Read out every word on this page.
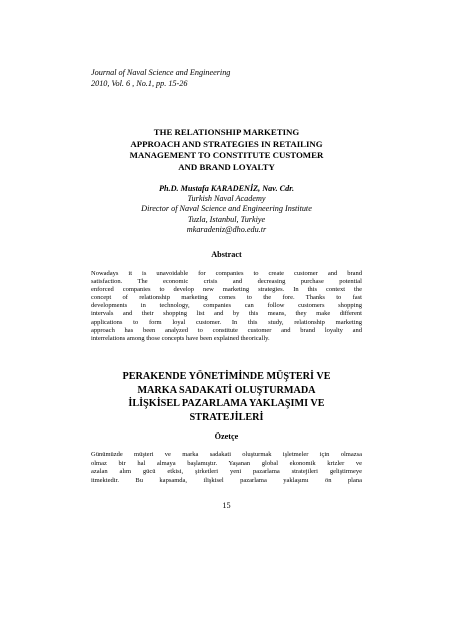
Journal of Naval Science and Engineering
2010, Vol. 6 , No.1, pp. 15-26
THE RELATIONSHIP MARKETING
APPROACH AND STRATEGIES IN RETAILING
MANAGEMENT TO CONSTITUTE CUSTOMER
AND BRAND LOYALTY
Ph.D. Mustafa KARADENİZ, Nav. Cdr.
Turkish Naval Academy
Director of Naval Science and Engineering Institute
Tuzla, Istanbul, Turkiye
mkaradeniz@dho.edu.tr
Abstract
Nowadays it is unavoidable for companies to create customer and brand
satisfaction. The economic crisis and decreasing purchase potential
enforced companies to develop new marketing strategies. In this context the
concept of relationship marketing comes to the fore. Thanks to fast
developments in technology, companies can follow customers shopping
intervals and their shopping list and by this means, they make different
applications to form loyal customer. In this study, relationship marketing
approach has been analyzed to constitute customer and brand loyalty and
interrelations among those concepts have been explained theorically.
PERAKENDE YÖNETİMİNDE MÜŞTERİ VE
MARKA SADAKATİ OLUŞTURMADA
İLİŞKİSEL PAZARLAMA YAKLAŞIMI VE
STRATEJİLERİ
Özetçe
Günümüzde müşteri ve marka sadakati oluşturmak işletmeler için olmazsa
olmaz bir hal almaya başlamıştır. Yaşanan global ekonomik krizler ve
azalan alım gücü etkisi, şirketleri yeni pazarlama stratejileri geliştirmeye
itmektedir. Bu kapsamda, ilişkisel pazarlama yaklaşımı ön plana
15
